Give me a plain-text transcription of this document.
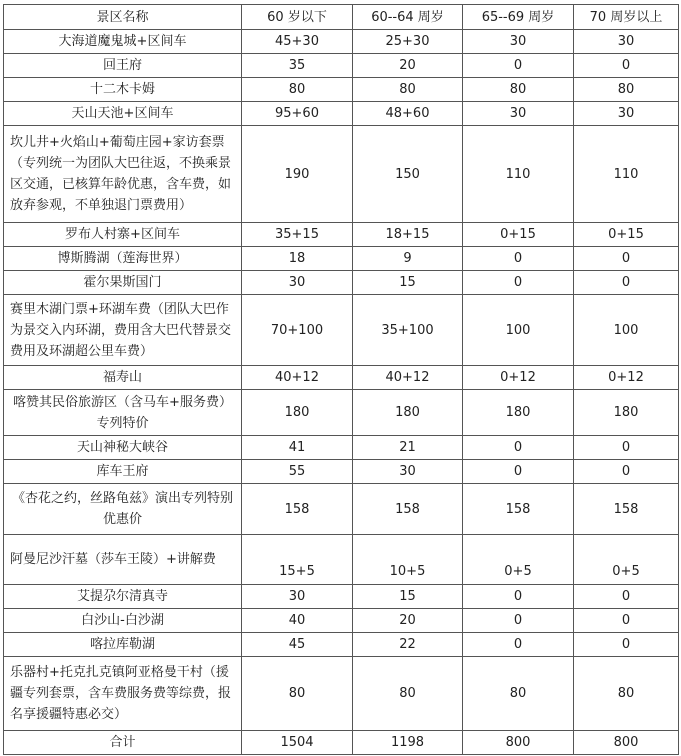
景区名称	60 岁以下	60--64 周岁	65--69 周岁	70 周岁以上
大海道魔鬼城+区间车	45+30	25+30	30	30
回王府	35	20	0	0
十二木卡姆	80	80	80	80
天山天池+区间车	95+60	48+60	30	30
坎儿井+火焰山+葡萄庄园+家访套票（专列统一为团队大巴往返，不换乘景区交通，已核算年龄优惠，含车费，如放弃参观，不单独退门票费用）	190	150	110	110
罗布人村寨+区间车	35+15	18+15	0+15	0+15
博斯腾湖（莲海世界）	18	9	0	0
霍尔果斯国门	30	15	0	0
赛里木湖门票+环湖车费（团队大巴作为景交入内环湖，费用含大巴代替景交费用及环湖超公里车费）	70+100	35+100	100	100
福寿山	40+12	40+12	0+12	0+12
喀赞其民俗旅游区（含马车+服务费）专列特价	180	180	180	180
天山神秘大峡谷	41	21	0	0
库车王府	55	30	0	0
《杏花之约，丝路龟兹》演出专列特别优惠价	158	158	158	158
阿曼尼沙汗墓（莎车王陵）+讲解费	15+5	10+5	0+5	0+5
艾提尕尔清真寺	30	15	0	0
白沙山-白沙湖	40	20	0	0
喀拉库勒湖	45	22	0	0
乐器村+托克扎克镇阿亚格曼干村（援疆专列套票，含车费服务费等综费，报名享援疆特惠必交）	80	80	80	80
合计	1504	1198	800	800
